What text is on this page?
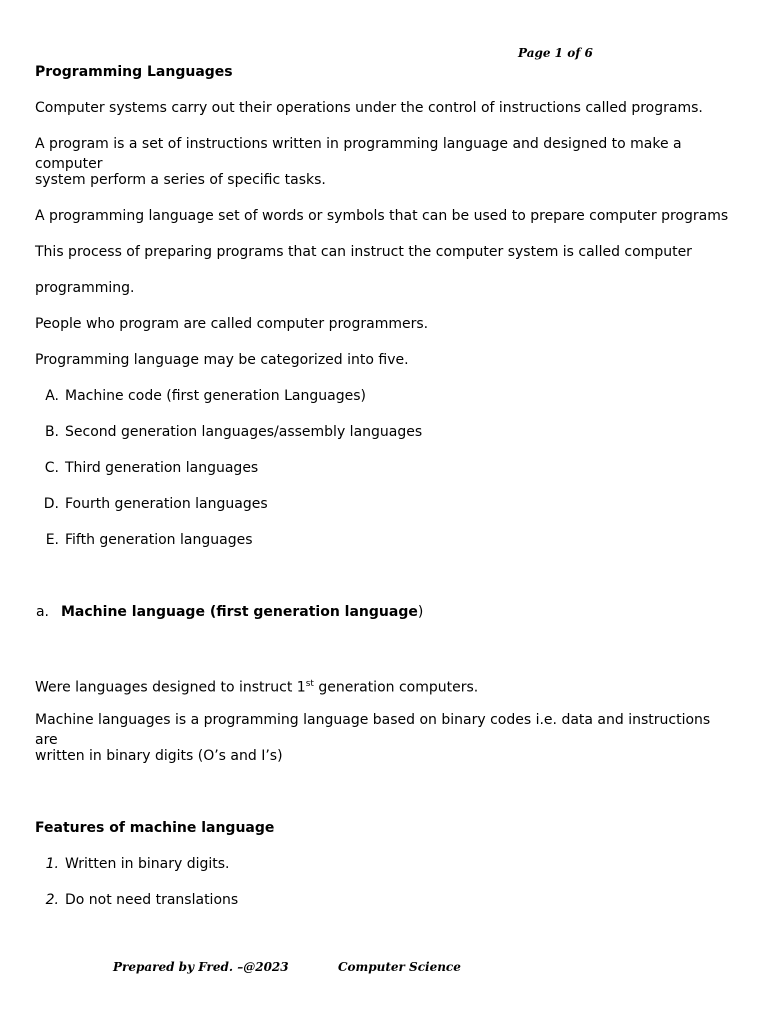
Page 1 of 6
Programming Languages
Computer systems carry out their operations under the control of instructions called programs.
A program is a set of instructions written in programming language and designed to make a computer
system perform a series of specific tasks.
A programming language set of words or symbols that can be used to prepare computer programs
This process of preparing programs that can instruct the computer system is called computer
programming.
People who program are called computer programmers.
Programming language may be categorized into five.
A. Machine code (first generation Languages)
B. Second generation languages/assembly languages
C. Third generation languages
D. Fourth generation languages
E. Fifth generation languages
a. Machine language (first generation language)
Were languages designed to instruct 1st generation computers.
Machine languages is a programming language based on binary codes i.e. data and instructions are
written in binary digits (O’s and I’s)
Features of machine language
1. Written in binary digits.
2. Do not need translations
Prepared by Fred. –@2023	Computer Science
